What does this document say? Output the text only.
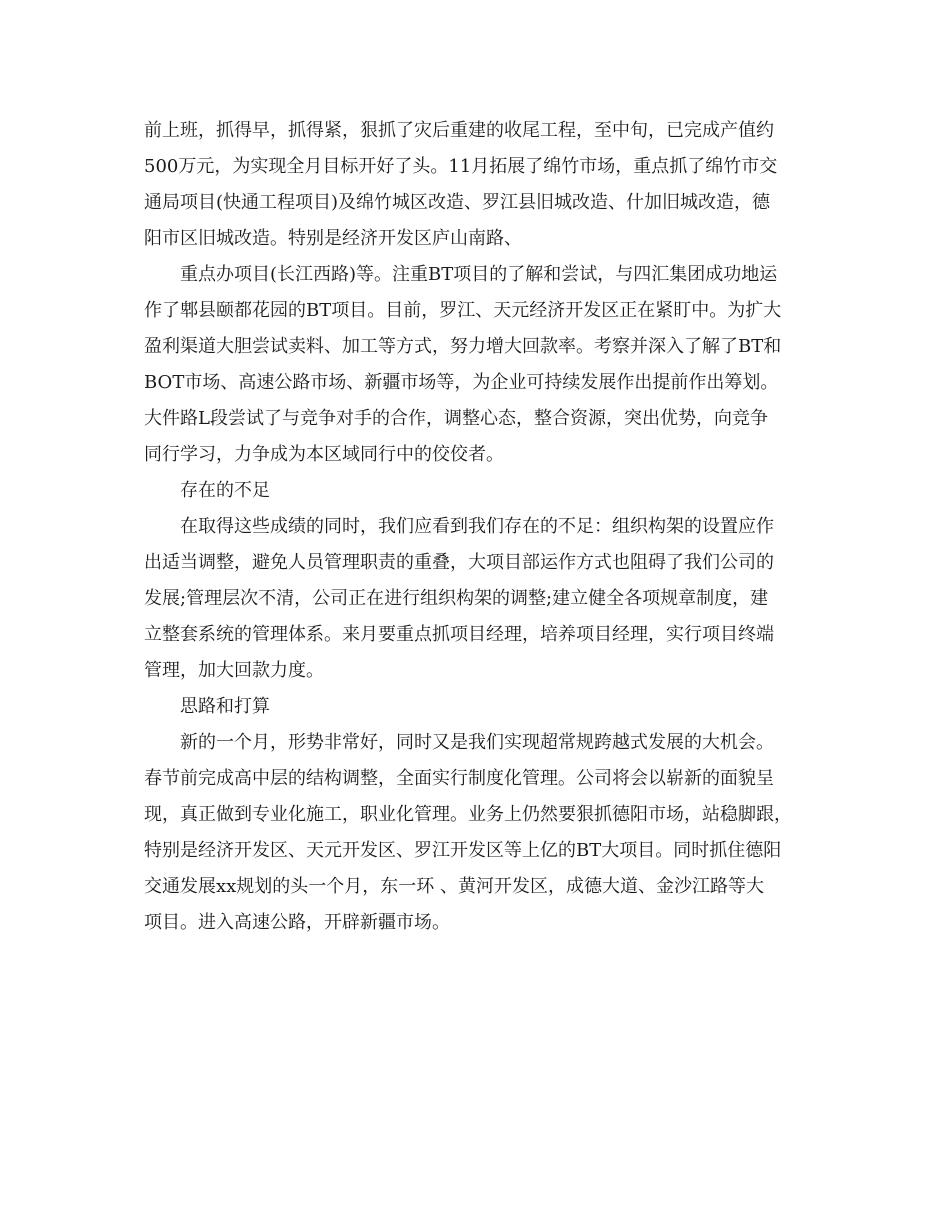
前上班，抓得早，抓得紧，狠抓了灾后重建的收尾工程，至中旬，已完成产值约
500万元，为实现全月目标开好了头。11月拓展了绵竹市场，重点抓了绵竹市交
通局项目(快通工程项目)及绵竹城区改造、罗江县旧城改造、什加旧城改造，德
阳市区旧城改造。特别是经济开发区庐山南路、
重点办项目(长江西路)等。注重BT项目的了解和尝试，与四汇集团成功地运
作了郫县颐都花园的BT项目。目前，罗江、天元经济开发区正在紧盯中。为扩大
盈利渠道大胆尝试卖料、加工等方式，努力增大回款率。考察并深入了解了BT和
BOT市场、高速公路市场、新疆市场等，为企业可持续发展作出提前作出筹划。
大件路L段尝试了与竞争对手的合作，调整心态，整合资源，突出优势，向竞争
同行学习，力争成为本区域同行中的佼佼者。
存在的不足
在取得这些成绩的同时，我们应看到我们存在的不足：组织构架的设置应作
出适当调整，避免人员管理职责的重叠，大项目部运作方式也阻碍了我们公司的
发展;管理层次不清，公司正在进行组织构架的调整;建立健全各项规章制度，建
立整套系统的管理体系。来月要重点抓项目经理，培养项目经理，实行项目终端
管理，加大回款力度。
思路和打算
新的一个月，形势非常好，同时又是我们实现超常规跨越式发展的大机会。
春节前完成高中层的结构调整，全面实行制度化管理。公司将会以崭新的面貌呈
现，真正做到专业化施工，职业化管理。业务上仍然要狠抓德阳市场，站稳脚跟，
特别是经济开发区、天元开发区、罗江开发区等上亿的BT大项目。同时抓住德阳
交通发展xx规划的头一个月，东一环 、黄河开发区，成德大道、金沙江路等大
项目。进入高速公路，开辟新疆市场。
